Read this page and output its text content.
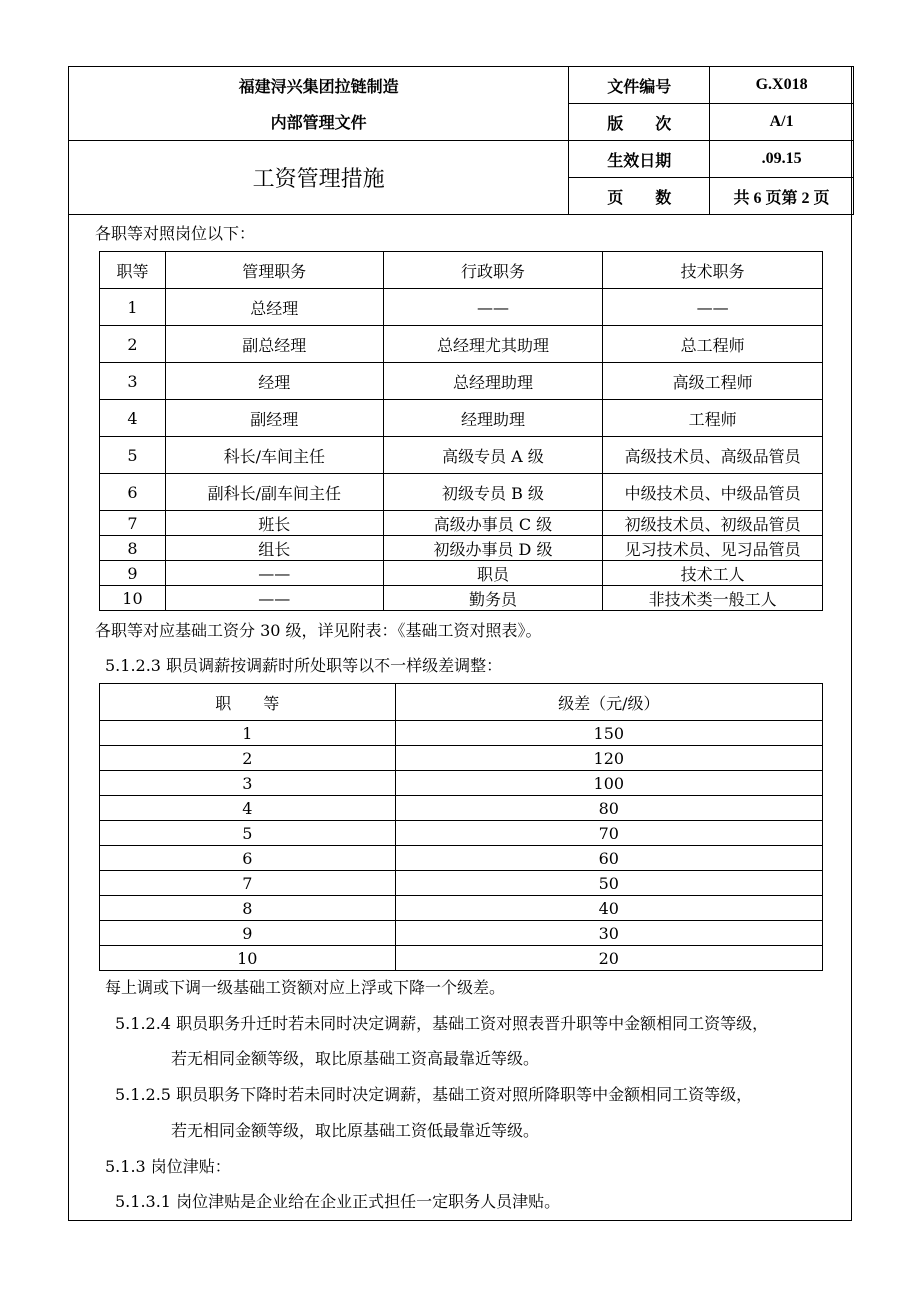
福建浔兴集团拉链制造	文件编号	G.X018
内部管理文件	版　　次	A/1
工资管理措施	生效日期	.09.15
	页　　数	共 6 页第 2 页
各职等对照岗位以下：
职等	管理职务	行政职务	技术职务
1	总经理	——	——
2	副总经理	总经理尤其助理	总工程师
3	经理	总经理助理	高级工程师
4	副经理	经理助理	工程师
5	科长/车间主任	高级专员 A 级	高级技术员、高级品管员
6	副科长/副车间主任	初级专员 B 级	中级技术员、中级品管员
7	班长	高级办事员 C 级	初级技术员、初级品管员
8	组长	初级办事员 D 级	见习技术员、见习品管员
9	——	职员	技术工人
10	——	勤务员	非技术类一般工人
各职等对应基础工资分 30 级，详见附表：《基础工资对照表》。
5.1.2.3 职员调薪按调薪时所处职等以不一样级差调整：
职　　等	级差（元/级）
1	150
2	120
3	100
4	80
5	70
6	60
7	50
8	40
9	30
10	20
每上调或下调一级基础工资额对应上浮或下降一个级差。
5.1.2.4 职员职务升迁时若未同时决定调薪，基础工资对照表晋升职等中金额相同工资等级，
若无相同金额等级，取比原基础工资高最靠近等级。
5.1.2.5 职员职务下降时若未同时决定调薪，基础工资对照所降职等中金额相同工资等级，
若无相同金额等级，取比原基础工资低最靠近等级。
5.1.3 岗位津贴：
5.1.3.1 岗位津贴是企业给在企业正式担任一定职务人员津贴。
